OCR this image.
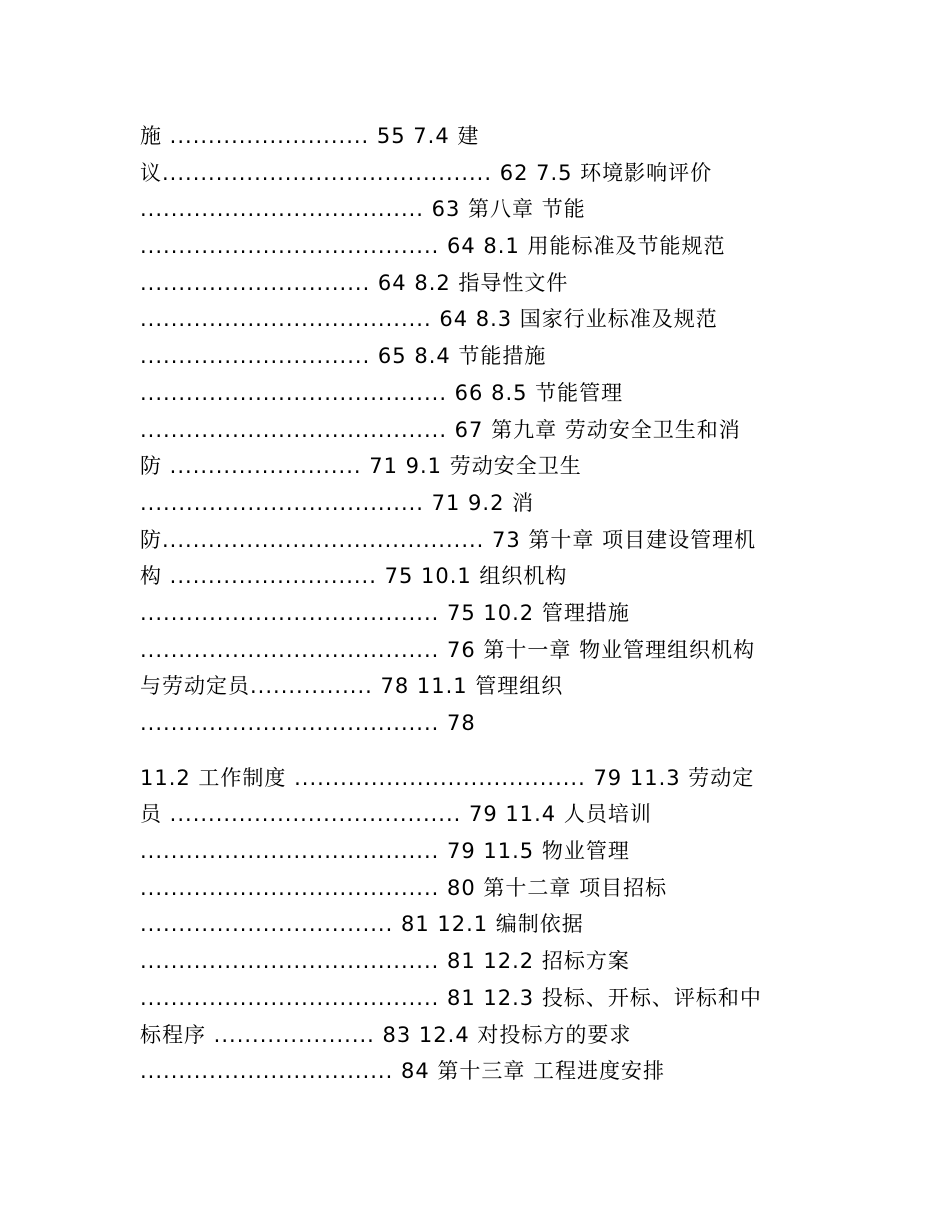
施 .......................... 55 7.4 建
议........................................... 62 7.5 环境影响评价
..................................... 63 第八章 节能
....................................... 64 8.1 用能标准及节能规范
.............................. 64 8.2 指导性文件
...................................... 64 8.3 国家行业标准及规范
.............................. 65 8.4 节能措施
........................................ 66 8.5 节能管理
........................................ 67 第九章 劳动安全卫生和消
防 ......................... 71 9.1 劳动安全卫生
..................................... 71 9.2 消
防.......................................... 73 第十章 项目建设管理机
构 ........................... 75 10.1 组织机构
....................................... 75 10.2 管理措施
....................................... 76 第十一章 物业管理组织机构
与劳动定员................ 78 11.1 管理组织
....................................... 78
11.2 工作制度 ...................................... 79 11.3 劳动定
员 ...................................... 79 11.4 人员培训
....................................... 79 11.5 物业管理
....................................... 80 第十二章 项目招标
................................. 81 12.1 编制依据
....................................... 81 12.2 招标方案
....................................... 81 12.3 投标、开标、评标和中
标程序 ..................... 83 12.4 对投标方的要求
................................. 84 第十三章 工程进度安排
